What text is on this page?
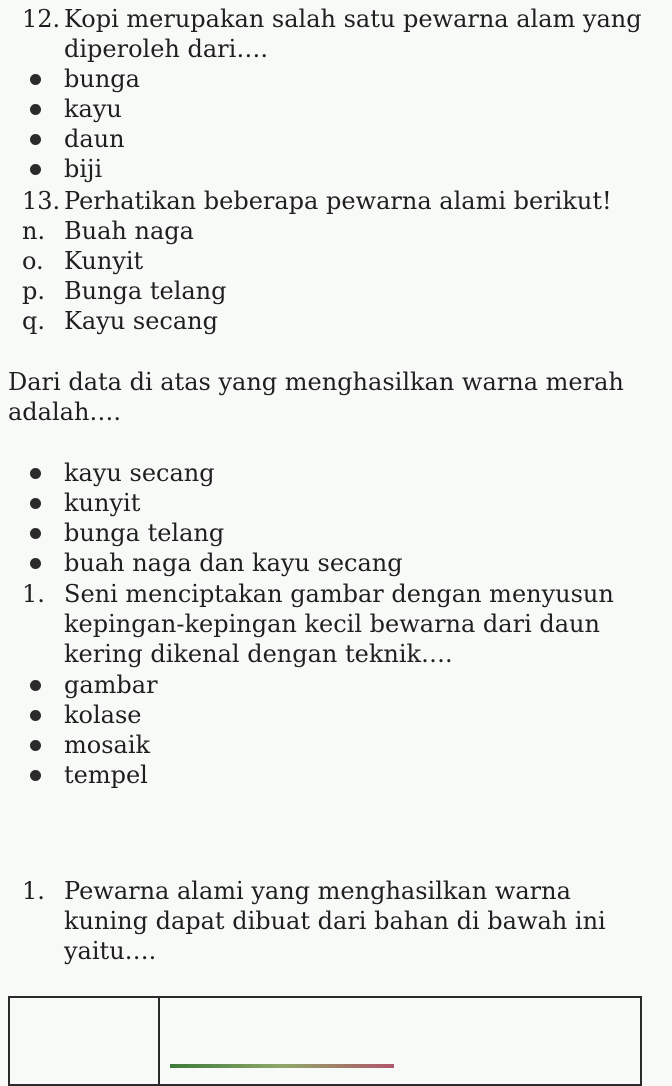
12. Kopi merupakan salah satu pewarna alam yang
diperoleh dari….
bunga
kayu
daun
biji
13. Perhatikan beberapa pewarna alami berikut!
n. Buah naga
o. Kunyit
p. Bunga telang
q. Kayu secang
Dari data di atas yang menghasilkan warna merah
adalah….
kayu secang
kunyit
bunga telang
buah naga dan kayu secang
1. Seni menciptakan gambar dengan menyusun
kepingan-kepingan kecil bewarna dari daun
kering dikenal dengan teknik….
gambar
kolase
mosaik
tempel
1. Pewarna alami yang menghasilkan warna
kuning dapat dibuat dari bahan di bawah ini
yaitu….
